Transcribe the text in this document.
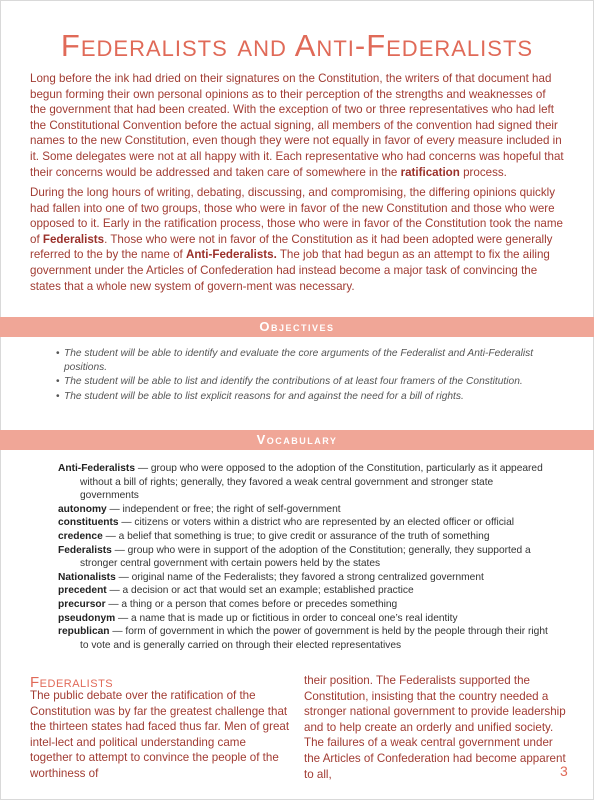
Federalists and Anti-Federalists

Long before the ink had dried on their signatures on the Constitution, the writers of that document had begun forming their own personal opinions as to their perception of the strengths and weaknesses of the government that had been created. With the exception of two or three representatives who had left the Constitutional Convention before the actual signing, all members of the convention had signed their names to the new Constitution, even though they were not equally in favor of every measure included in it. Some delegates were not at all happy with it. Each representative who had concerns was hopeful that their concerns would be addressed and taken care of somewhere in the ratification process.

During the long hours of writing, debating, discussing, and compromising, the differing opinions quickly had fallen into one of two groups, those who were in favor of the new Constitution and those who were opposed to it. Early in the ratification process, those who were in favor of the Constitution took the name of Federalists. Those who were not in favor of the Constitution as it had been adopted were generally referred to the by the name of Anti-Federalists. The job that had begun as an attempt to fix the ailing government under the Articles of Confederation had instead become a major task of convincing the states that a whole new system of govern-ment was necessary.

Objectives
• The student will be able to identify and evaluate the core arguments of the Federalist and Anti-Federalist positions.
• The student will be able to list and identify the contributions of at least four framers of the Constitution.
• The student will be able to list explicit reasons for and against the need for a bill of rights.
Vocabulary
Anti-Federalists — group who were opposed to the adoption of the Constitution, particularly as it appeared without a bill of rights; generally, they favored a weak central government and stronger state governments
autonomy — independent or free; the right of self-government
constituents — citizens or voters within a district who are represented by an elected officer or official
credence — a belief that something is true; to give credit or assurance of the truth of something
Federalists — group who were in support of the adoption of the Constitution; generally, they supported a stronger central government with certain powers held by the states
Nationalists — original name of the Federalists; they favored a strong centralized government
precedent — a decision or act that would set an example; established practice
precursor — a thing or a person that comes before or precedes something
pseudonym — a name that is made up or fictitious in order to conceal one’s real identity
republican — form of government in which the power of government is held by the people through their right to vote and is generally carried on through their elected representatives
Federalists

The public debate over the ratification of the Constitution was by far the greatest challenge that the thirteen states had faced thus far. Men of great intel-lect and political understanding came together to attempt to convince the people of the worthiness of

their position. The Federalists supported the Constitution, insisting that the country needed a stronger national government to provide leadership and to help create an orderly and unified society. The failures of a weak central government under the Articles of Confederation had become apparent to all,	3
